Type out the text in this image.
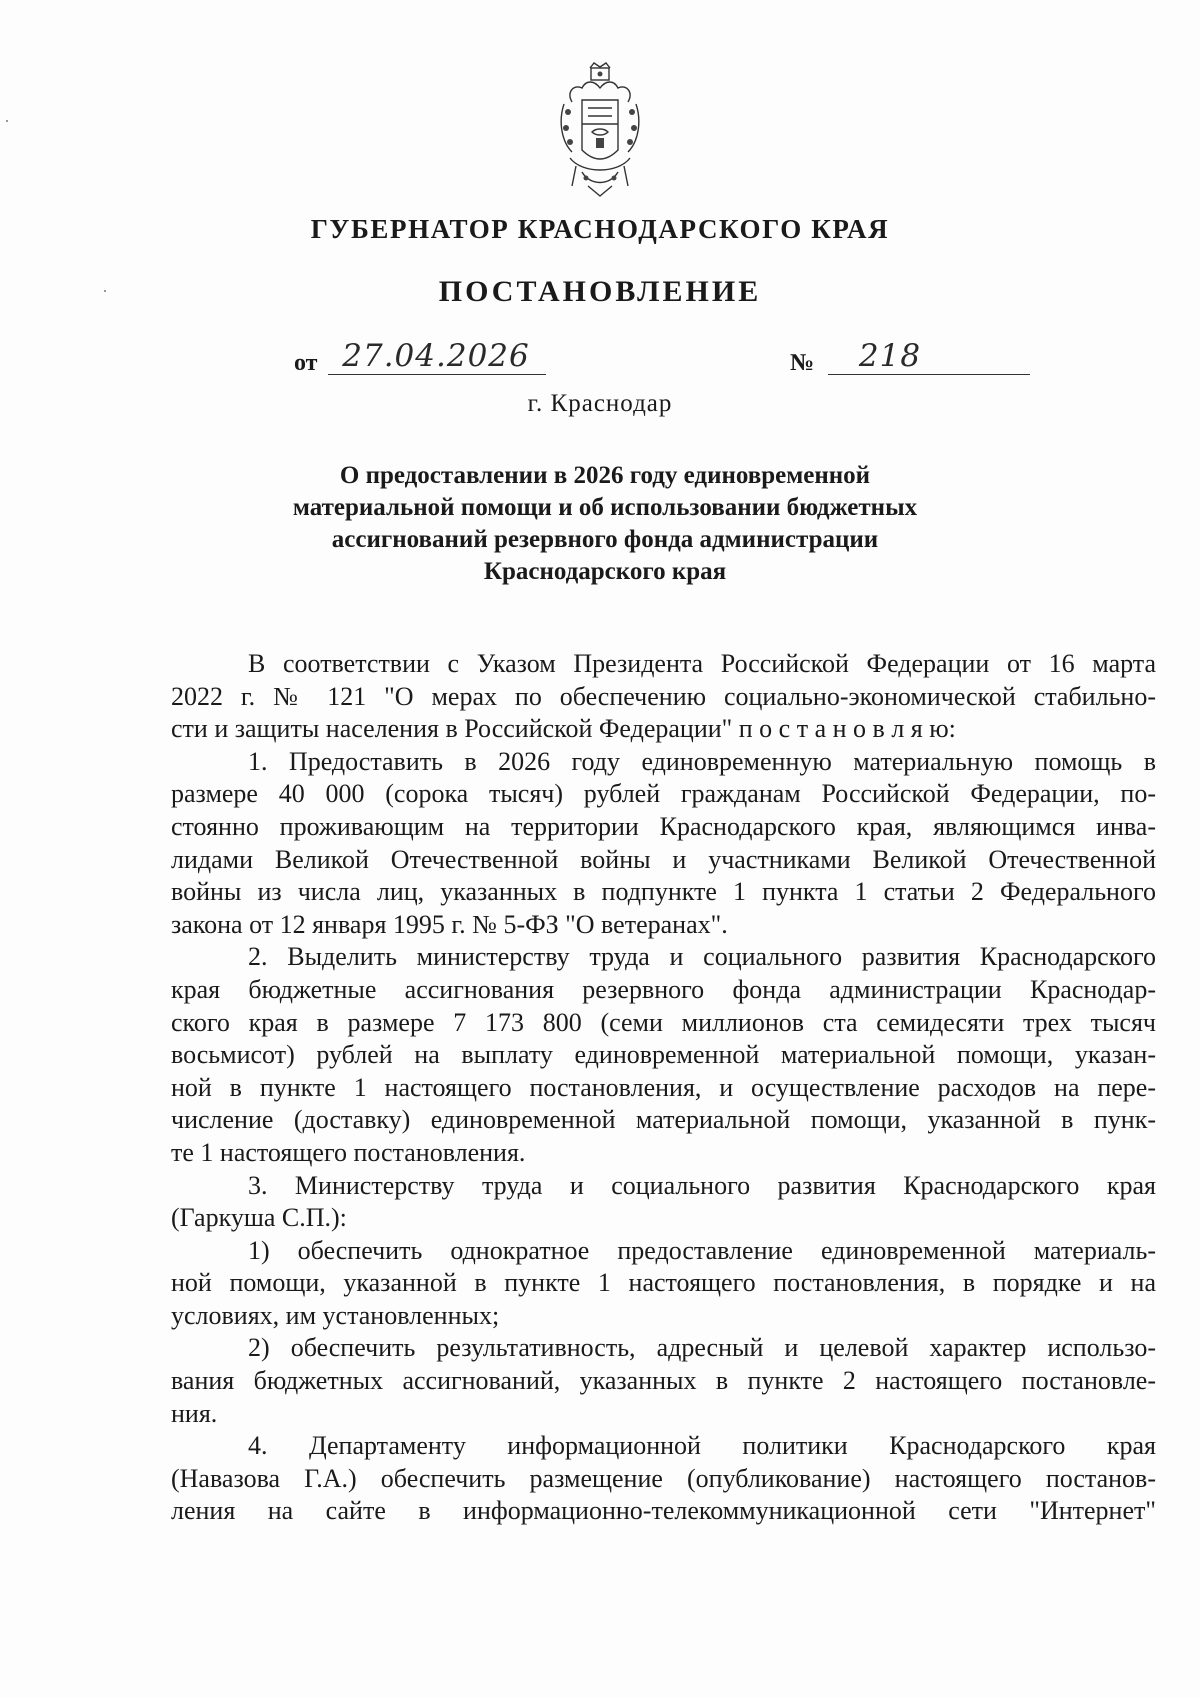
ГУБЕРНАТОР КРАСНОДАРСКОГО КРАЯ
ПОСТАНОВЛЕНИЕ
от 27.04.2026	№	218
г. Краснодар
О предоставлении в 2026 году единовременной
материальной помощи и об использовании бюджетных
ассигнований резервного фонда администрации
Краснодарского края
В соответствии с Указом Президента Российской Федерации от 16 марта
2022 г. № 121 "О мерах по обеспечению социально-экономической стабильно-
сти и защиты населения в Российской Федерации" п о с т а н о в л я ю:
1. Предоставить в 2026 году единовременную материальную помощь в
размере 40 000 (сорока тысяч) рублей гражданам Российской Федерации, по-
стоянно проживающим на территории Краснодарского края, являющимся инва-
лидами Великой Отечественной войны и участниками Великой Отечественной
войны из числа лиц, указанных в подпункте 1 пункта 1 статьи 2 Федерального
закона от 12 января 1995 г. № 5-ФЗ "О ветеранах".
2. Выделить министерству труда и социального развития Краснодарского
края бюджетные ассигнования резервного фонда администрации Краснодар-
ского края в размере 7 173 800 (семи миллионов ста семидесяти трех тысяч
восьмисот) рублей на выплату единовременной материальной помощи, указан-
ной в пункте 1 настоящего постановления, и осуществление расходов на пере-
числение (доставку) единовременной материальной помощи, указанной в пунк-
те 1 настоящего постановления.
3. Министерству труда и социального развития Краснодарского края
(Гаркуша С.П.):
1) обеспечить однократное предоставление единовременной материаль-
ной помощи, указанной в пункте 1 настоящего постановления, в порядке и на
условиях, им установленных;
2) обеспечить результативность, адресный и целевой характер использо-
вания бюджетных ассигнований, указанных в пункте 2 настоящего постановле-
ния.
4. Департаменту информационной политики Краснодарского края
(Навазова Г.А.) обеспечить размещение (опубликование) настоящего постанов-
ления на сайте в информационно-телекоммуникационной сети "Интернет"
